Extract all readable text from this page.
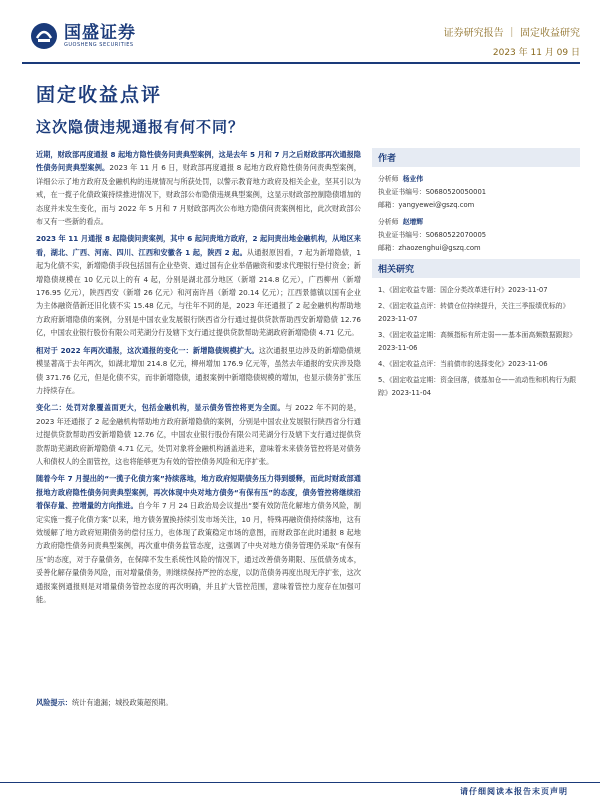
国盛证券
GUOSHENG SECURITIES
证券研究报告 ｜ 固定收益研究
2023 年 11 月 09 日
固定收益点评
这次隐债违规通报有何不同？

近期，财政部再度通报 8 起地方隐性债务问责典型案例，这是去年 5 月和 7 月之后财政部再次通报隐性债务问责典型案例。2023 年 11 月 6 日，财政部再度通报 8 起地方政府隐性债务问责典型案例，详细公示了地方政府及金融机构的违规情况与所获处罚，以警示教育地方政府及相关企业，坚其引以为戒，在一揽子化债政策持续推进情况下，财政部公布隐债违规典型案例，这显示财政部控制隐债增加的态度并未发生变化，而与 2022 年 5 月和 7 月财政部两次公布地方隐债问责案例相比，此次财政部公布又有一些新的看点。

2023 年 11 月通报 8 起隐债问责案例，其中 6 起问责地方政府，2 起问责出地金融机构，从地区来看，湖北、广西、河南、四川、江西和安徽各 1 起，陕西 2 起。从通报原因看，7 起为新增隐债，1 起为化债不实，新增隐债手段包括国有企业垫资、通过国有企业举借融资和要求代理银行垫付资金；新增隐债规模在 10 亿元以上的有 4 起，分别是湖北邵分地区（新增 214.8 亿元），广西柳州（新增 176.95 亿元），陕西西安（新增 26 亿元）和河南许昌（新增 20.14 亿元）；江西景德镇以国有企业为主体融资借新还旧化债不实 15.48 亿元，与往年不同的是，2023 年还通报了 2 起金融机构帮助地方政府新增隐债的案例，分别是中国农业发展银行陕西省分行通过提供贷款帮助西安新增隐债 12.76 亿，中国农业银行股份有限公司芜湖分行及辖下支行通过提供贷款帮助芜湖政府新增隐债 4.71 亿元。

相对于 2022 年两次通报，这次通报的变化一：新增隐债规模扩大。这次通报里边涉及的新增隐债规模显著高于去年两次，如湖北增加 214.8 亿元，柳州增加 176.9 亿元等，虽然去年通报的安庆涉及隐债 371.76 亿元，但是化债不实，而非新增隐债，通报案例中新增隐债规模的增加，也显示债务扩张压力持续存在。

变化二：处罚对象覆盖面更大，包括金融机构，显示债务管控将更为全面。与 2022 年不同的是，2023 年还通报了 2 起金融机构帮助地方政府新增隐债的案例，分别是中国农业发展银行陕西省分行通过提供贷款帮助西安新增隐债 12.76 亿，中国农业银行股份有限公司芜湖分行及辖下支行通过提供贷款帮助芜湖政府新增隐债 4.71 亿元，处罚对象将金融机构涵盖进来，意味着未来债务管控将是对债务人和债权人的全面管控，这也将能够更为有效的管控债务风险和无序扩张。

随着今年 7 月提出的“一揽子化债方案”持续落地，地方政府短期债务压力得到缓释，而此时财政部通报地方政府隐性债务问责典型案例，再次体现中央对地方债务“有保有压”的态度，债务管控将继续沿着保存量、控增量的方向推进。自今年 7 月 24 日政治局会议提出“要有效防范化解地方债务风险，制定实施一揽子化债方案”以来，地方债务置换持续引发市场关注，10 月，特殊再融资债持续落地，这有效缓解了地方政府短期债务的偿付压力，也体现了政策稳定市场的意图，而财政部在此时通报 8 起地方政府隐性债务问责典型案例，再次重申债务监管态度，这强调了中央对地方债务管理仍采取“有保有压”的态度，对于存量债务，在保障不发生系统性风险的情况下，通过改善债务期限、压低债务成本，妥善化解存量债务风险，而对增量债务，则继续保持严控的态度，以防范债务再度出现无序扩张，这次通报案例通报则是对增量债务管控态度的再次明确，并且扩大管控范围，意味着管控力度存在加强可能。

风险提示：统计有遗漏；城投政策超预期。
作者
分析师 杨业伟
执业证书编号：S0680520050001
邮箱：yangyewei@gszq.com
分析师 赵增辉
执业证书编号：S0680522070005
邮箱：zhaozenghui@gszq.com
相关研究
1、《固定收益专题：国企分类改革进行时》2023-11-07
2、《固定收益点评：转债仓位持续提升，关注三季报绩优标的》2023-11-07
3、《固定收益定期：高频指标有所走弱——基本面高频数据跟踪》2023-11-06
4、《固定收益点评：当前债市的选择变化》2023-11-06
5、《固定收益定期：资金回落，债基加仓——流动性和机构行为跟踪》2023-11-04
请仔细阅读本报告末页声明
